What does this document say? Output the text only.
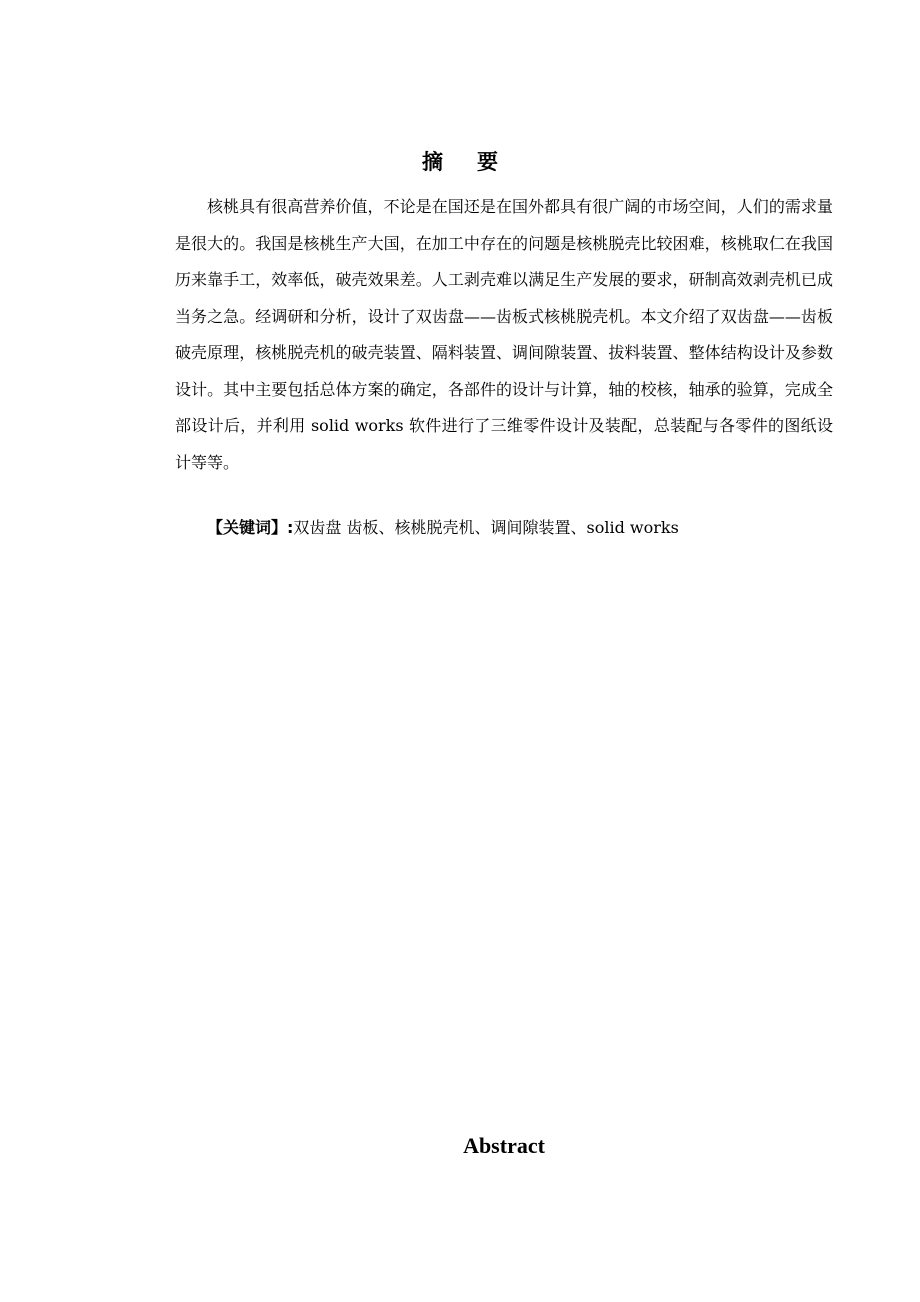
摘要

核桃具有很高营养价值，不论是在国还是在国外都具有很广阔的市场空间，人们的需求量是很大的。我国是核桃生产大国，在加工中存在的问题是核桃脱壳比较困难，核桃取仁在我国历来靠手工，效率低，破壳效果差。人工剥壳难以满足生产发展的要求，研制高效剥壳机已成当务之急。经调研和分析，设计了双齿盘——齿板式核桃脱壳机。本文介绍了双齿盘——齿板破壳原理，核桃脱壳机的破壳装置、隔料装置、调间隙装置、拔料装置、整体结构设计及参数设计。其中主要包括总体方案的确定，各部件的设计与计算，轴的校核，轴承的验算，完成全部设计后，并利用 solid works 软件进行了三维零件设计及装配，总装配与各零件的图纸设计等等。

【关键词】:双齿盘 齿板、核桃脱壳机、调间隙装置、solid works
Abstract
